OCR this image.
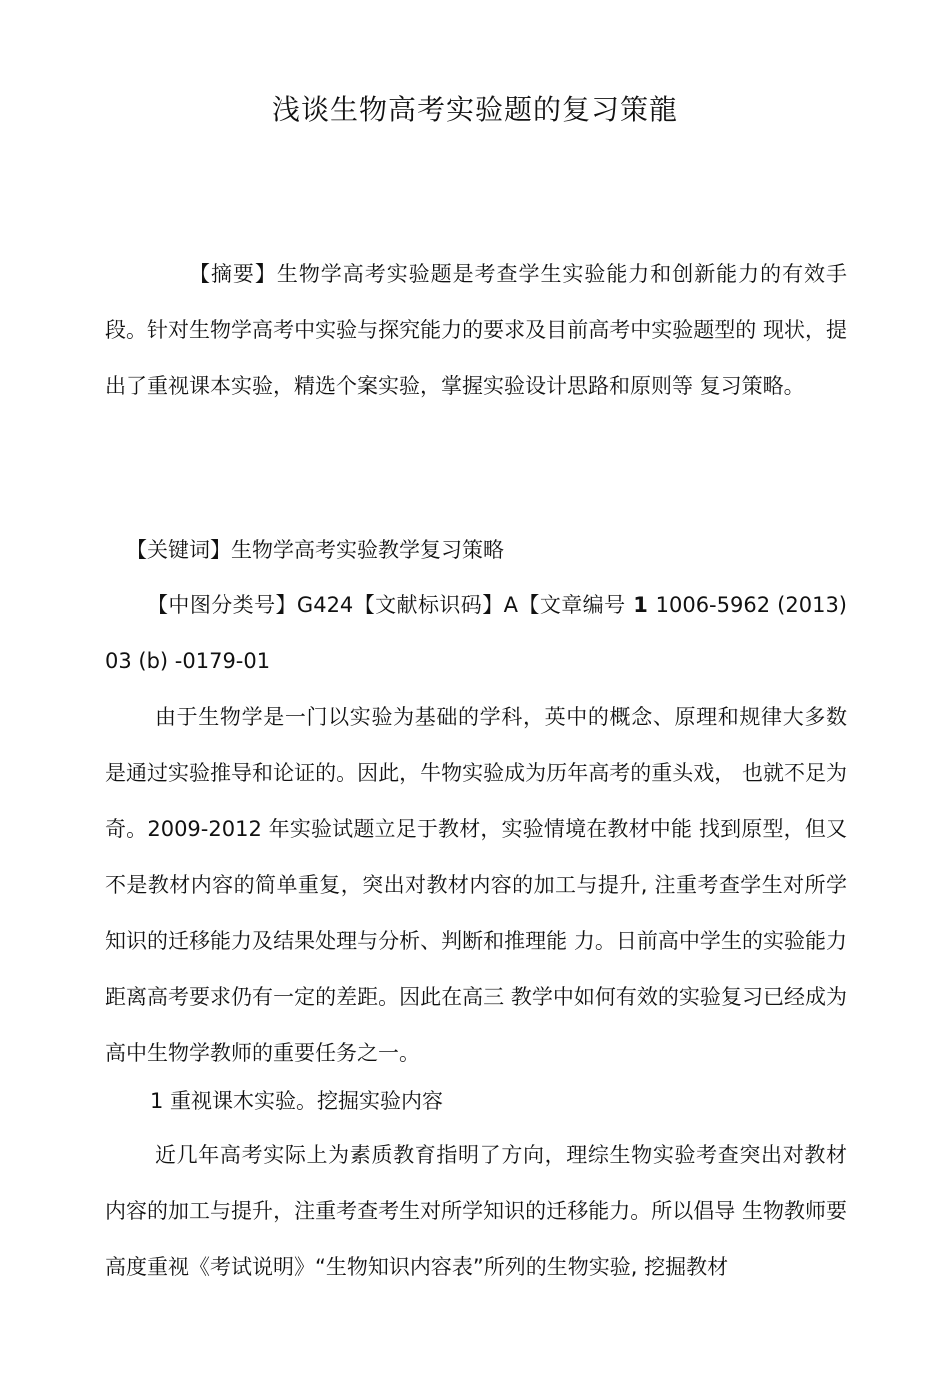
浅谈生物高考实验题的复习策龍
【摘要】生物学高考实验题是考查学生实验能力和创新能力的有效手段。针对生物学高考中实验与探究能力的要求及目前高考中实验题型的 现状，提出了重视课本实验，精选个案实验，掌握实验设计思路和原则等 复习策略。
【关键词】生物学高考实验教学复习策略
【中图分类号】G424【文献标识码】A【文章编号 1 1006-5962 (2013) 03 (b) -0179-01
由于生物学是一门以实验为基础的学科，英中的概念、原理和规律大多数是通过实验推导和论证的。因此，牛物实验成为历年高考的重头戏， 也就不足为奇。2009-2012 年实验试题立足于教材，实验情境在教材中能 找到原型，但又不是教材内容的简单重复，突出对教材内容的加工与提升, 注重考查学生对所学知识的迁移能力及结果处理与分析、判断和推理能 力。日前高中学生的实验能力距离高考要求仍有一定的差距。因此在高三 教学中如何有效的实验复习已经成为高中生物学教师的重要任务之一。
1 重视课木实验。挖掘实验内容
近几年高考实际上为素质教育指明了方向，理综生物实验考查突出对教材内容的加工与提升，注重考查考生对所学知识的迁移能力。所以倡导 生物教师要高度重视《考试说明》“生物知识内容表”所列的生物实验, 挖掘教材
